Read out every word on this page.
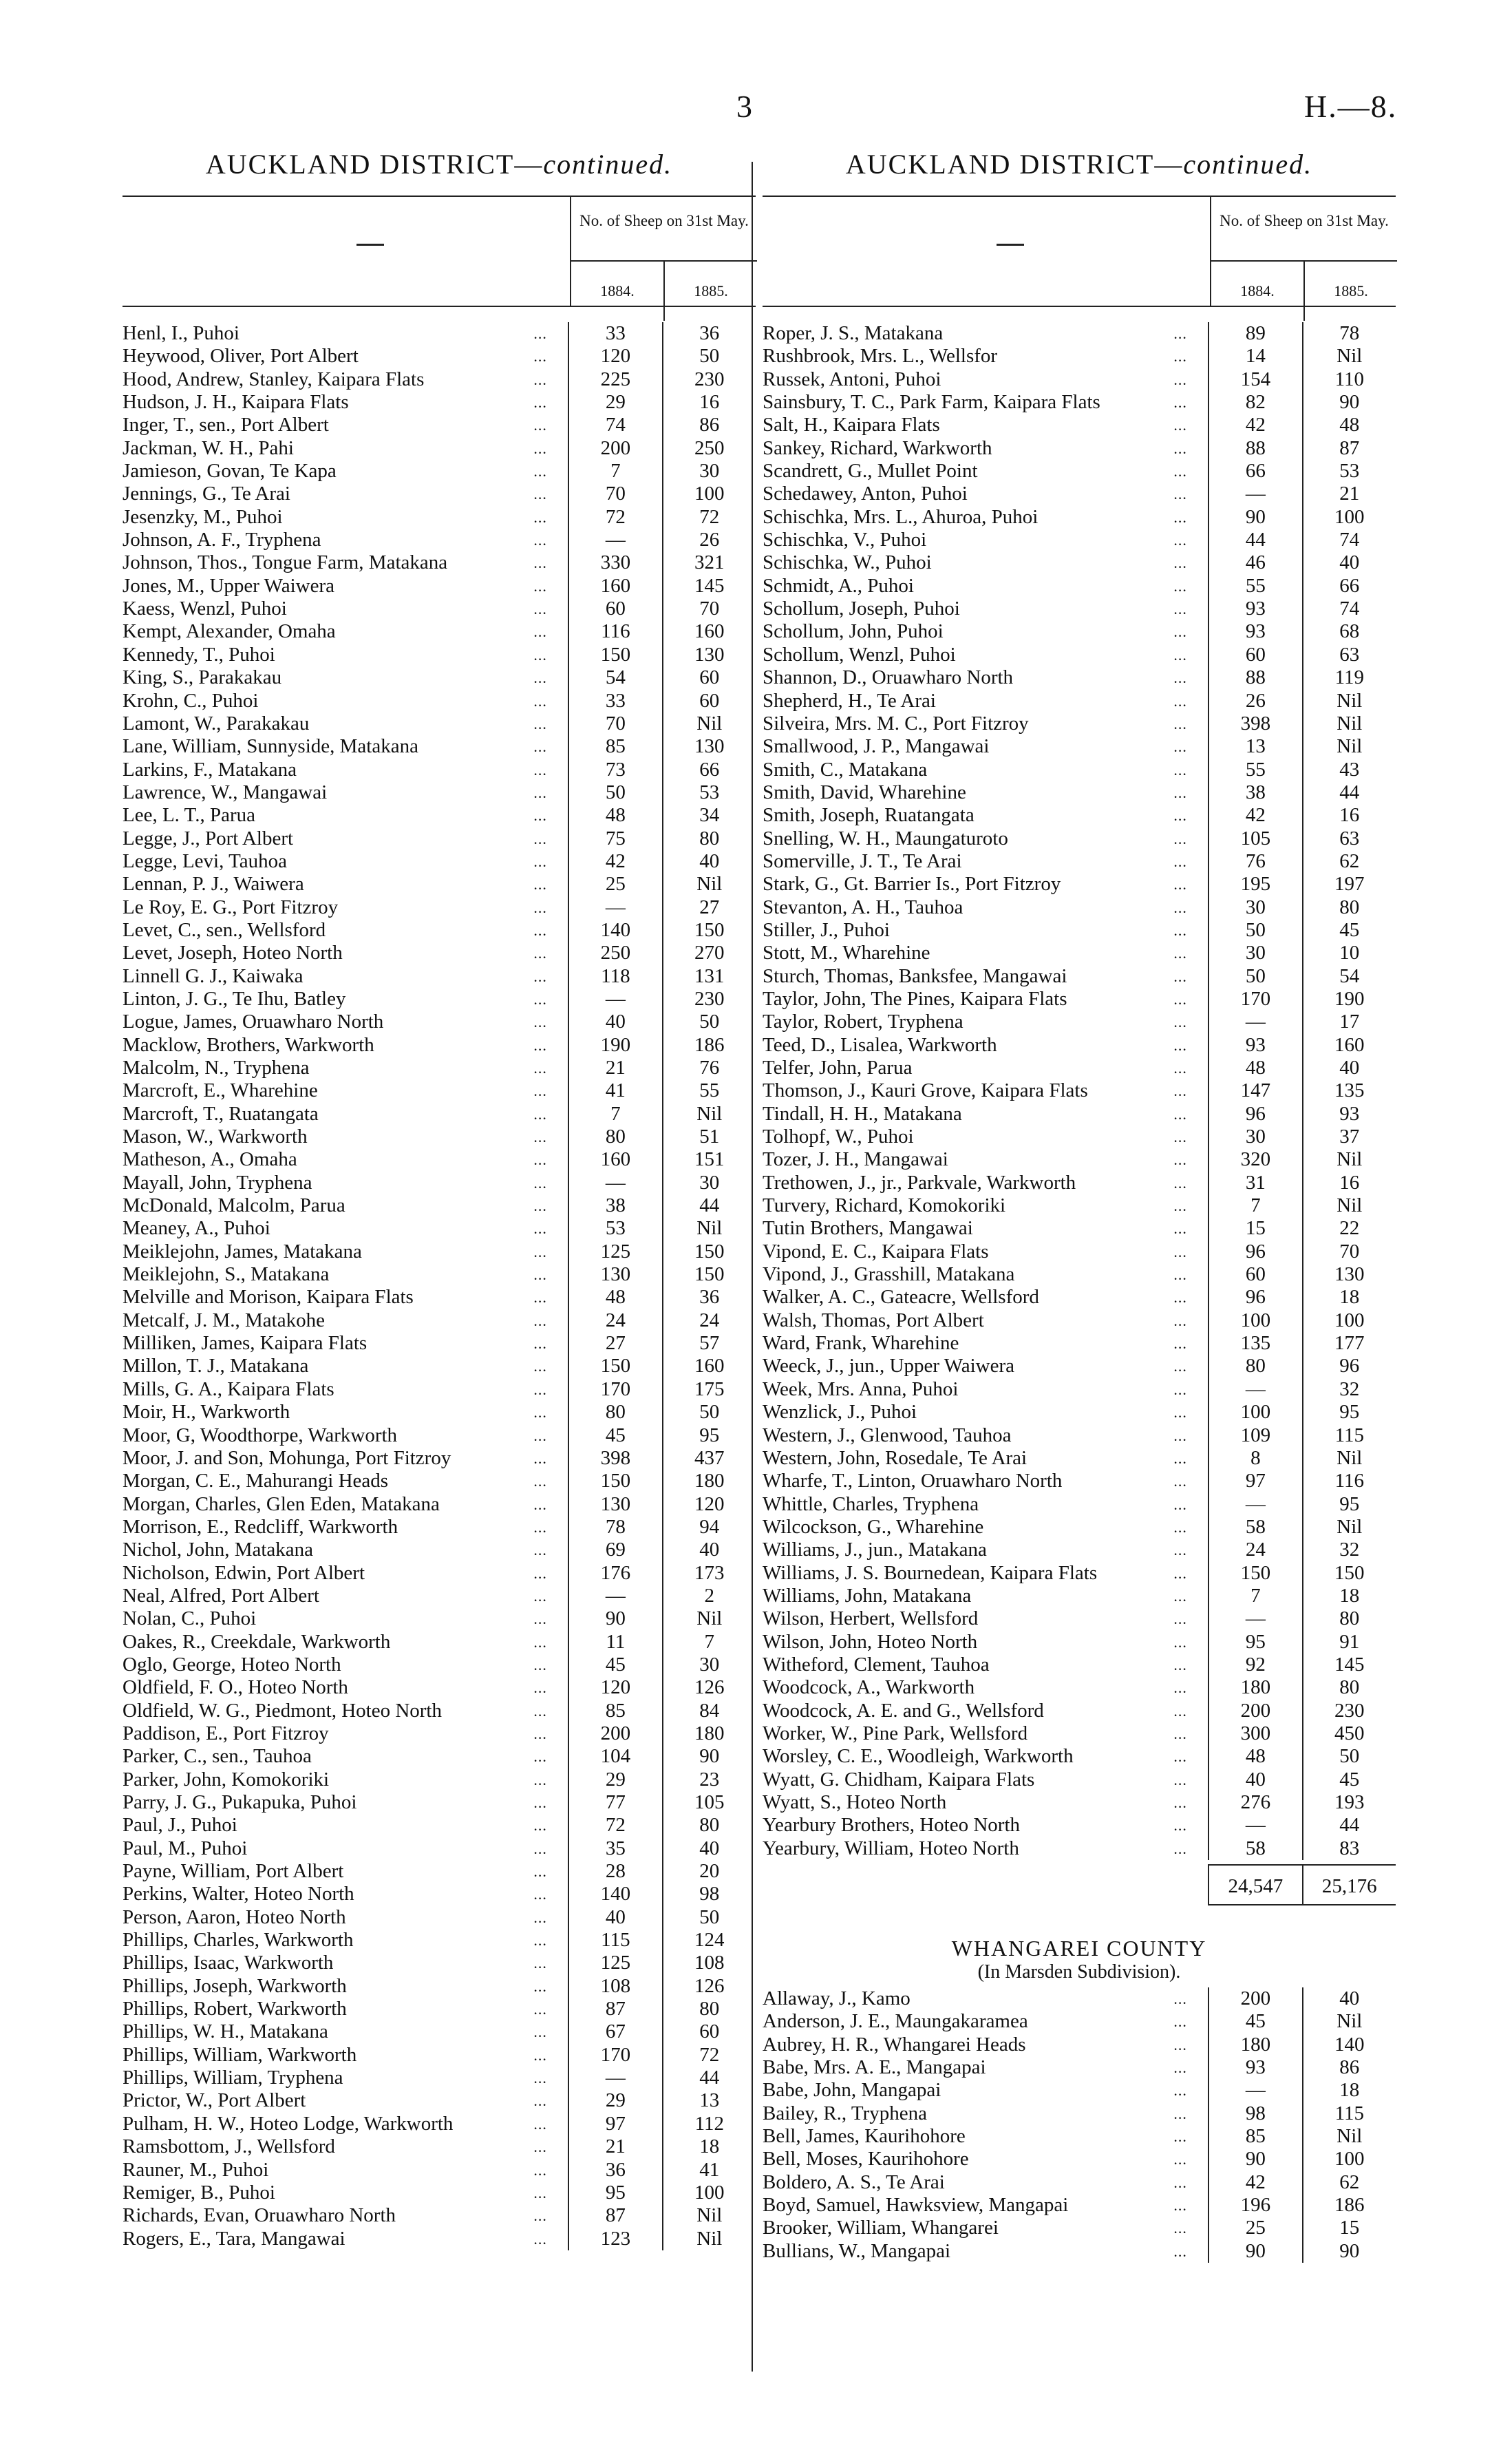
3	H.—8.
AUCKLAND DISTRICT—continued.
No. of Sheep on 31st May.
1884.	1885.
Henl, I., Puhoi	...	33	36
Heywood, Oliver, Port Albert	...	120	50
Hood, Andrew, Stanley, Kaipara Flats	...	225	230
Hudson, J. H., Kaipara Flats	...	29	16
Inger, T., sen., Port Albert	...	74	86
Jackman, W. H., Pahi	...	200	250
Jamieson, Govan, Te Kapa	...	7	30
Jennings, G., Te Arai	...	70	100
Jesenzky, M., Puhoi	...	72	72
Johnson, A. F., Tryphena	...	—	26
Johnson, Thos., Tongue Farm, Matakana	...	330	321
Jones, M., Upper Waiwera	...	160	145
Kaess, Wenzl, Puhoi	...	60	70
Kempt, Alexander, Omaha	...	116	160
Kennedy, T., Puhoi	...	150	130
King, S., Parakakau	...	54	60
Krohn, C., Puhoi	...	33	60
Lamont, W., Parakakau	...	70	Nil
Lane, William, Sunnyside, Matakana	...	85	130
Larkins, F., Matakana	...	73	66
Lawrence, W., Mangawai	...	50	53
Lee, L. T., Parua	...	48	34
Legge, J., Port Albert	...	75	80
Legge, Levi, Tauhoa	...	42	40
Lennan, P. J., Waiwera	...	25	Nil
Le Roy, E. G., Port Fitzroy	...	—	27
Levet, C., sen., Wellsford	...	140	150
Levet, Joseph, Hoteo North	...	250	270
Linnell G. J., Kaiwaka	...	118	131
Linton, J. G., Te Ihu, Batley	...	—	230
Logue, James, Oruawharo North	...	40	50
Macklow, Brothers, Warkworth	...	190	186
Malcolm, N., Tryphena	...	21	76
Marcroft, E., Wharehine	...	41	55
Marcroft, T., Ruatangata	...	7	Nil
Mason, W., Warkworth	...	80	51
Matheson, A., Omaha	...	160	151
Mayall, John, Tryphena	...	—	30
McDonald, Malcolm, Parua	...	38	44
Meaney, A., Puhoi	...	53	Nil
Meiklejohn, James, Matakana	...	125	150
Meiklejohn, S., Matakana	...	130	150
Melville and Morison, Kaipara Flats	...	48	36
Metcalf, J. M., Matakohe	...	24	24
Milliken, James, Kaipara Flats	...	27	57
Millon, T. J., Matakana	...	150	160
Mills, G. A., Kaipara Flats	...	170	175
Moir, H., Warkworth	...	80	50
Moor, G, Woodthorpe, Warkworth	...	45	95
Moor, J. and Son, Mohunga, Port Fitzroy	...	398	437
Morgan, C. E., Mahurangi Heads	...	150	180
Morgan, Charles, Glen Eden, Matakana	...	130	120
Morrison, E., Redcliff, Warkworth	...	78	94
Nichol, John, Matakana	...	69	40
Nicholson, Edwin, Port Albert	...	176	173
Neal, Alfred, Port Albert	...	—	2
Nolan, C., Puhoi	...	90	Nil
Oakes, R., Creekdale, Warkworth	...	11	7
Oglo, George, Hoteo North	...	45	30
Oldfield, F. O., Hoteo North	...	120	126
Oldfield, W. G., Piedmont, Hoteo North	...	85	84
Paddison, E., Port Fitzroy	...	200	180
Parker, C., sen., Tauhoa	...	104	90
Parker, John, Komokoriki	...	29	23
Parry, J. G., Pukapuka, Puhoi	...	77	105
Paul, J., Puhoi	...	72	80
Paul, M., Puhoi	...	35	40
Payne, William, Port Albert	...	28	20
Perkins, Walter, Hoteo North	...	140	98
Person, Aaron, Hoteo North	...	40	50
Phillips, Charles, Warkworth	...	115	124
Phillips, Isaac, Warkworth	...	125	108
Phillips, Joseph, Warkworth	...	108	126
Phillips, Robert, Warkworth	...	87	80
Phillips, W. H., Matakana	...	67	60
Phillips, William, Warkworth	...	170	72
Phillips, William, Tryphena	...	—	44
Prictor, W., Port Albert	...	29	13
Pulham, H. W., Hoteo Lodge, Warkworth	...	97	112
Ramsbottom, J., Wellsford	...	21	18
Rauner, M., Puhoi	...	36	41
Remiger, B., Puhoi	...	95	100
Richards, Evan, Oruawharo North	...	87	Nil
Rogers, E., Tara, Mangawai	...	123	Nil
AUCKLAND DISTRICT—continued.
No. of Sheep on 31st May.
1884.	1885.
Roper, J. S., Matakana	...	89	78
Rushbrook, Mrs. L., Wellsfor	...	14	Nil
Russek, Antoni, Puhoi	...	154	110
Sainsbury, T. C., Park Farm, Kaipara Flats	...	82	90
Salt, H., Kaipara Flats	...	42	48
Sankey, Richard, Warkworth	...	88	87
Scandrett, G., Mullet Point	...	66	53
Schedawey, Anton, Puhoi	...	—	21
Schischka, Mrs. L., Ahuroa, Puhoi	...	90	100
Schischka, V., Puhoi	...	44	74
Schischka, W., Puhoi	...	46	40
Schmidt, A., Puhoi	...	55	66
Schollum, Joseph, Puhoi	...	93	74
Schollum, John, Puhoi	...	93	68
Schollum, Wenzl, Puhoi	...	60	63
Shannon, D., Oruawharo North	...	88	119
Shepherd, H., Te Arai	...	26	Nil
Silveira, Mrs. M. C., Port Fitzroy	...	398	Nil
Smallwood, J. P., Mangawai	...	13	Nil
Smith, C., Matakana	...	55	43
Smith, David, Wharehine	...	38	44
Smith, Joseph, Ruatangata	...	42	16
Snelling, W. H., Maungaturoto	...	105	63
Somerville, J. T., Te Arai	...	76	62
Stark, G., Gt. Barrier Is., Port Fitzroy	...	195	197
Stevanton, A. H., Tauhoa	...	30	80
Stiller, J., Puhoi	...	50	45
Stott, M., Wharehine	...	30	10
Sturch, Thomas, Banksfee, Mangawai	...	50	54
Taylor, John, The Pines, Kaipara Flats	...	170	190
Taylor, Robert, Tryphena	...	—	17
Teed, D., Lisalea, Warkworth	...	93	160
Telfer, John, Parua	...	48	40
Thomson, J., Kauri Grove, Kaipara Flats	...	147	135
Tindall, H. H., Matakana	...	96	93
Tolhopf, W., Puhoi	...	30	37
Tozer, J. H., Mangawai	...	320	Nil
Trethowen, J., jr., Parkvale, Warkworth	...	31	16
Turvery, Richard, Komokoriki	...	7	Nil
Tutin Brothers, Mangawai	...	15	22
Vipond, E. C., Kaipara Flats	...	96	70
Vipond, J., Grasshill, Matakana	...	60	130
Walker, A. C., Gateacre, Wellsford	...	96	18
Walsh, Thomas, Port Albert	...	100	100
Ward, Frank, Wharehine	...	135	177
Weeck, J., jun., Upper Waiwera	...	80	96
Week, Mrs. Anna, Puhoi	...	—	32
Wenzlick, J., Puhoi	...	100	95
Western, J., Glenwood, Tauhoa	...	109	115
Western, John, Rosedale, Te Arai	...	8	Nil
Wharfe, T., Linton, Oruawharo North	...	97	116
Whittle, Charles, Tryphena	...	—	95
Wilcockson, G., Wharehine	...	58	Nil
Williams, J., jun., Matakana	...	24	32
Williams, J. S. Bournedean, Kaipara Flats	...	150	150
Williams, John, Matakana	...	7	18
Wilson, Herbert, Wellsford	...	—	80
Wilson, John, Hoteo North	...	95	91
Witheford, Clement, Tauhoa	...	92	145
Woodcock, A., Warkworth	...	180	80
Woodcock, A. E. and G., Wellsford	...	200	230
Worker, W., Pine Park, Wellsford	...	300	450
Worsley, C. E., Woodleigh, Warkworth	...	48	50
Wyatt, G. Chidham, Kaipara Flats	...	40	45
Wyatt, S., Hoteo North	...	276	193
Yearbury Brothers, Hoteo North	...	—	44
Yearbury, William, Hoteo North	...	58	83
24,547	25,176
WHANGAREI COUNTY
(In Marsden Subdivision).
Allaway, J., Kamo	...	200	40
Anderson, J. E., Maungakaramea	...	45	Nil
Aubrey, H. R., Whangarei Heads	...	180	140
Babe, Mrs. A. E., Mangapai	...	93	86
Babe, John, Mangapai	...	—	18
Bailey, R., Tryphena	...	98	115
Bell, James, Kaurihohore	...	85	Nil
Bell, Moses, Kaurihohore	...	90	100
Boldero, A. S., Te Arai	...	42	62
Boyd, Samuel, Hawksview, Mangapai	...	196	186
Brooker, William, Whangarei	...	25	15
Bullians, W., Mangapai	...	90	90
